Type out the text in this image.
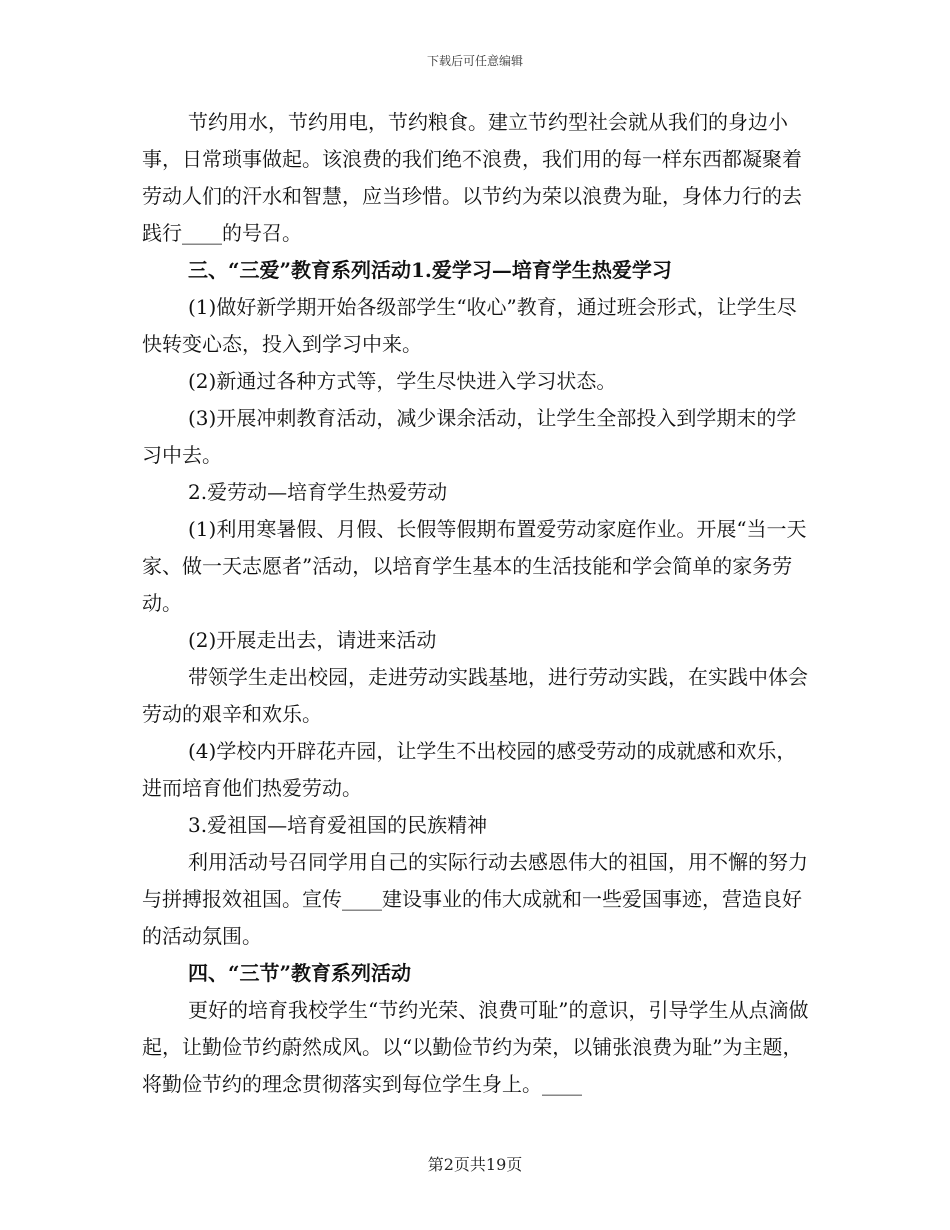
下载后可任意编辑

节约用水，节约用电，节约粮食。建立节约型社会就从我们的身边小事，日常琐事做起。该浪费的我们绝不浪费，我们用的每一样东西都凝聚着劳动人们的汗水和智慧，应当珍惜。以节约为荣以浪费为耻，身体力行的去践行____的号召。

三、“三爱”教育系列活动1.爱学习—培育学生热爱学习

(1)做好新学期开始各级部学生“收心”教育，通过班会形式，让学生尽快转变心态，投入到学习中来。

(2)新通过各种方式等，学生尽快进入学习状态。

(3)开展冲刺教育活动，减少课余活动，让学生全部投入到学期末的学习中去。

2.爱劳动—培育学生热爱劳动

(1)利用寒暑假、月假、长假等假期布置爱劳动家庭作业。开展“当一天家、做一天志愿者”活动，以培育学生基本的生活技能和学会简单的家务劳动。

(2)开展走出去，请进来活动

带领学生走出校园，走进劳动实践基地，进行劳动实践，在实践中体会劳动的艰辛和欢乐。

(4)学校内开辟花卉园，让学生不出校园的感受劳动的成就感和欢乐，进而培育他们热爱劳动。

3.爱祖国—培育爱祖国的民族精神

利用活动号召同学用自己的实际行动去感恩伟大的祖国，用不懈的努力与拼搏报效祖国。宣传____建设事业的伟大成就和一些爱国事迹，营造良好的活动氛围。

四、“三节”教育系列活动

更好的培育我校学生“节约光荣、浪费可耻”的意识，引导学生从点滴做起，让勤俭节约蔚然成风。以“以勤俭节约为荣，以铺张浪费为耻”为主题，将勤俭节约的理念贯彻落实到每位学生身上。____

第2页共19页
